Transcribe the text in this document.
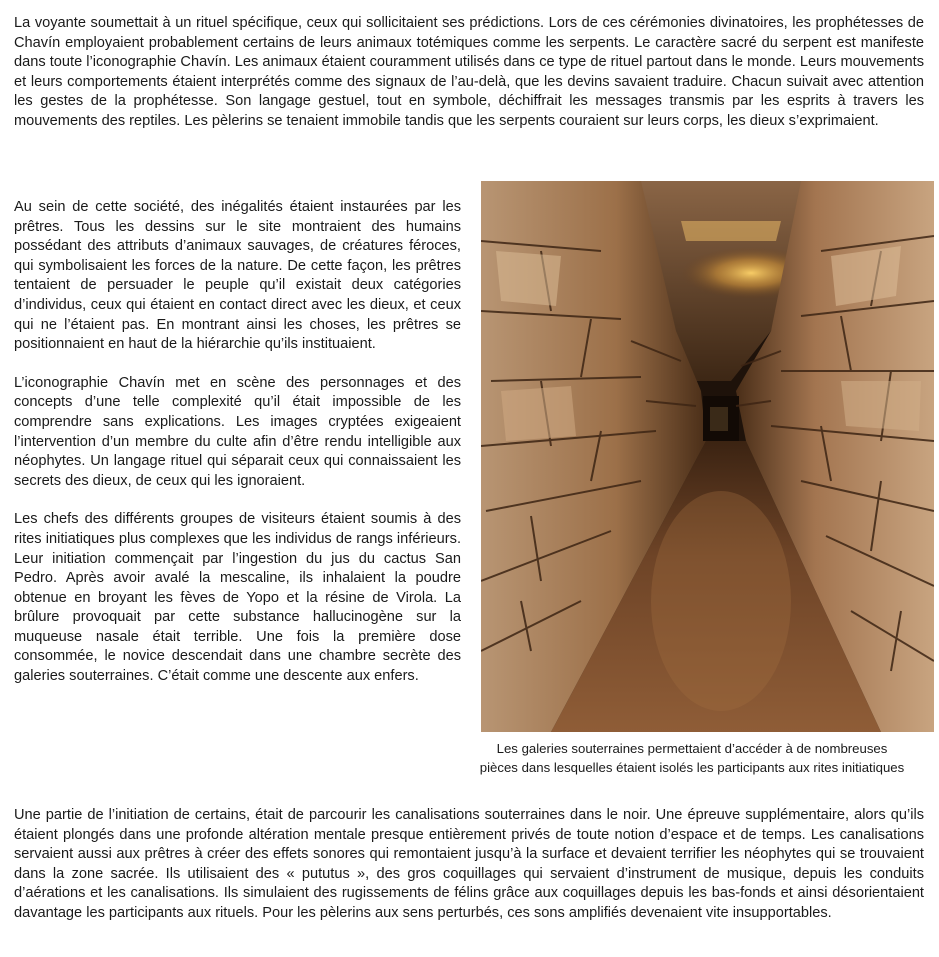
La voyante soumettait à un rituel spécifique, ceux qui sollicitaient ses prédictions. Lors de ces cérémonies divinatoires, les prophétesses de Chavín employaient probablement certains de leurs animaux totémiques comme les serpents. Le caractère sacré du serpent est manifeste dans toute l’iconographie Chavín. Les animaux étaient couramment utilisés dans ce type de rituel partout dans le monde. Leurs mouvements et leurs comportements étaient interprétés comme des signaux de l’au-delà, que les devins savaient traduire. Chacun suivait avec attention les gestes de la prophétesse. Son langage gestuel, tout en symbole, déchiffrait les messages transmis par les esprits à travers les mouvements des reptiles. Les pèlerins se tenaient immobile tandis que les serpents couraient sur leurs corps, les dieux s’exprimaient.

Au sein de cette société, des inégalités étaient instaurées par les prêtres. Tous les dessins sur le site montraient des humains possédant des attributs d’animaux sauvages, de créatures féroces, qui symbolisaient les forces de la nature. De cette façon, les prêtres tentaient de persuader le peuple qu’il existait deux catégories d’individus, ceux qui étaient en contact direct avec les dieux, et ceux qui ne l’étaient pas. En montrant ainsi les choses, les prêtres se positionnaient en haut de la hiérarchie qu’ils instituaient.

L’iconographie Chavín met en scène des personnages et des concepts d’une telle complexité qu’il était impossible de les comprendre sans explications. Les images cryptées exigeaient l’intervention d’un membre du culte afin d’être rendu intelligible aux néophytes. Un langage rituel qui séparait ceux qui connaissaient les secrets des dieux, de ceux qui les ignoraient.

Les chefs des différents groupes de visiteurs étaient soumis à des rites initiatiques plus complexes que les individus de rangs inférieurs. Leur initiation commençait par l’ingestion du jus du cactus San Pedro. Après avoir avalé la mescaline, ils inhalaient la poudre obtenue en broyant les fèves de Yopo et la résine de Virola. La brûlure provoquait par cette substance hallucinogène sur la muqueuse nasale était terrible. Une fois la première dose consommée, le novice descendait dans une chambre secrète des galeries souterraines. C’était comme une descente aux enfers.

Les galeries souterraines permettaient d’accéder à de nombreuses
pièces dans lesquelles étaient isolés les participants aux rites initiatiques

Une partie de l’initiation de certains, était de parcourir les canalisations souterraines dans le noir. Une épreuve supplémentaire, alors qu’ils étaient plongés dans une profonde altération mentale presque entièrement privés de toute notion d’espace et de temps. Les canalisations servaient aussi aux prêtres à créer des effets sonores qui remontaient jusqu’à la surface et devaient terrifier les néophytes qui se trouvaient dans la zone sacrée. Ils utilisaient des « pututus », des gros coquillages qui servaient d’instrument de musique, depuis les conduits d’aérations et les canalisations. Ils simulaient des rugissements de félins grâce aux coquillages depuis les bas-fonds et ainsi désorientaient davantage les participants aux rituels. Pour les pèlerins aux sens perturbés, ces sons amplifiés devenaient vite insupportables.
